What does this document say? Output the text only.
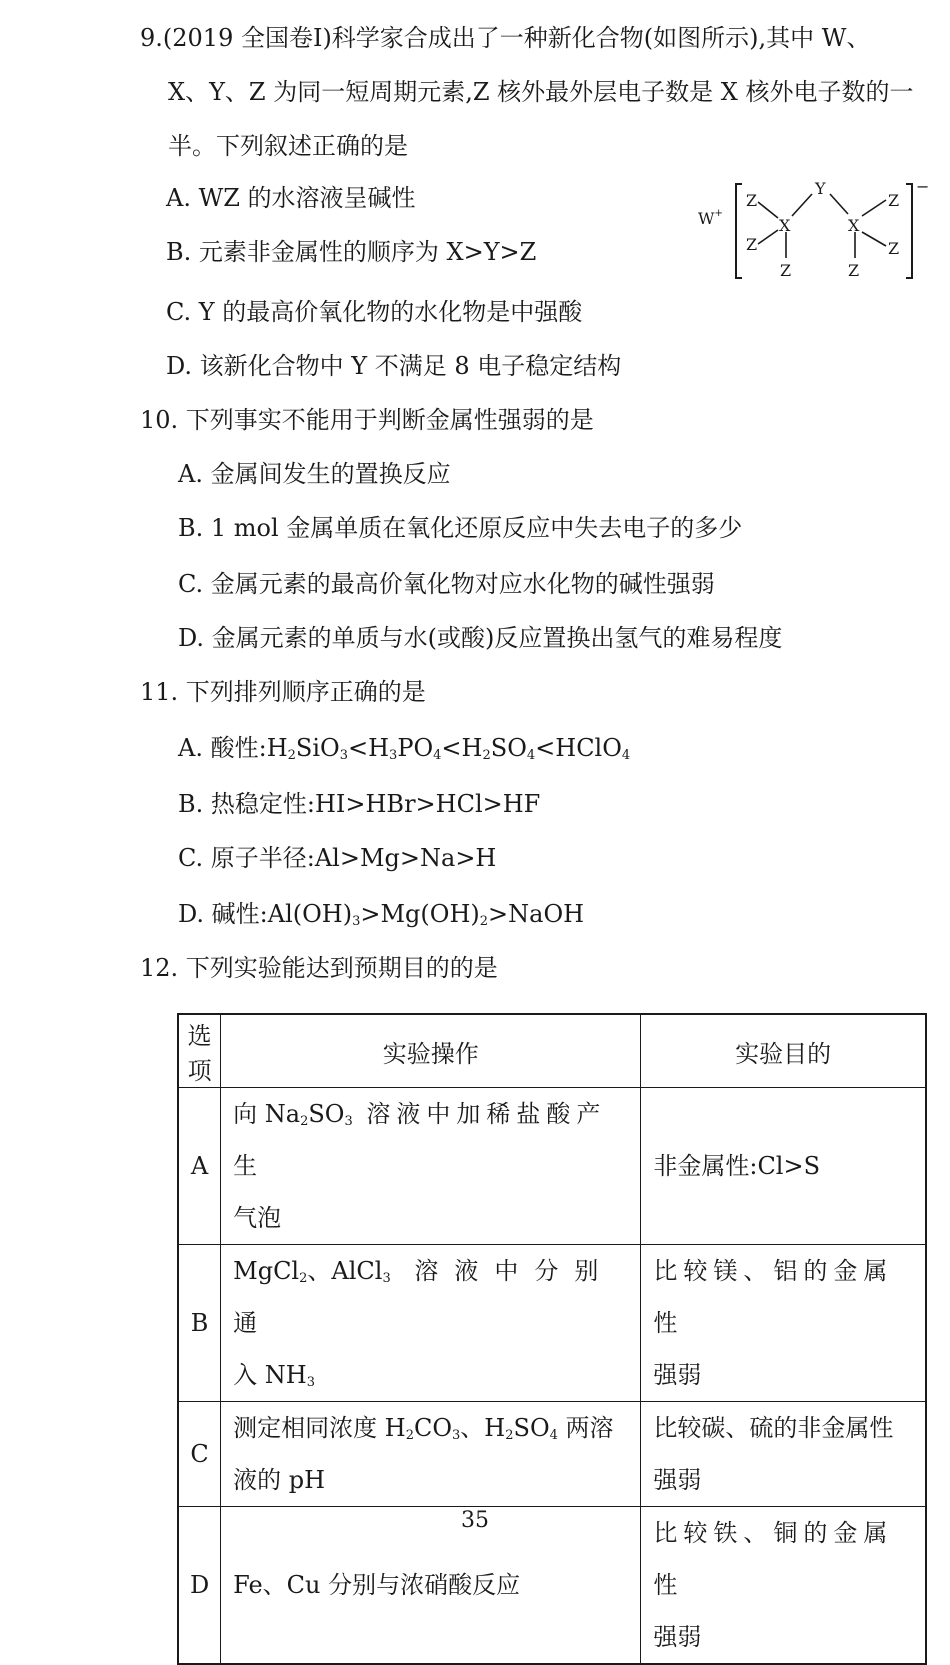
9.(2019 全国卷Ⅰ)科学家合成出了一种新化合物(如图所示),其中 W、
X、Y、Z 为同一短周期元素,Z 核外最外层电子数是 X 核外电子数的一
半。下列叙述正确的是
A. WZ 的水溶液呈碱性
B. 元素非金属性的顺序为 X>Y>Z
C. Y 的最高价氧化物的水化物是中强酸
D. 该新化合物中 Y 不满足 8 电子稳定结构
W+
−
Z
Z
X
Z
Y
X
Z
Z
Z
10. 下列事实不能用于判断金属性强弱的是
A. 金属间发生的置换反应
B. 1 mol 金属单质在氧化还原反应中失去电子的多少
C. 金属元素的最高价氧化物对应水化物的碱性强弱
D. 金属元素的单质与水(或酸)反应置换出氢气的难易程度
11. 下列排列顺序正确的是
A. 酸性$:H_2SiO_3<H_3PO_4<H_2SO_4<HClO_4$
B. 热稳定性:HI>HBr>HCl>HF
C. 原子半径:Al>Mg>Na>H
D. 碱性$:Al(OH)_3>Mg(OH)_2>NaOH$
12. 下列实验能达到预期目的的是
选项	实验操作	实验目的
A	向 $Na_2SO_3$ 溶液中加稀盐酸产生
气泡	非金属性:Cl>S
B	MgCl$_2$、AlCl$_3$ 溶液中分别通
入 $NH_3$	比较镁、铝的金属性
强弱
C	测定相同浓度 $H_2CO_3$、$H_2SO_4$ 两溶
液的 pH	比较碳、硫的非金属性
强弱
D	Fe、Cu 分别与浓硝酸反应	比较铁、铜的金属性
强弱
35
